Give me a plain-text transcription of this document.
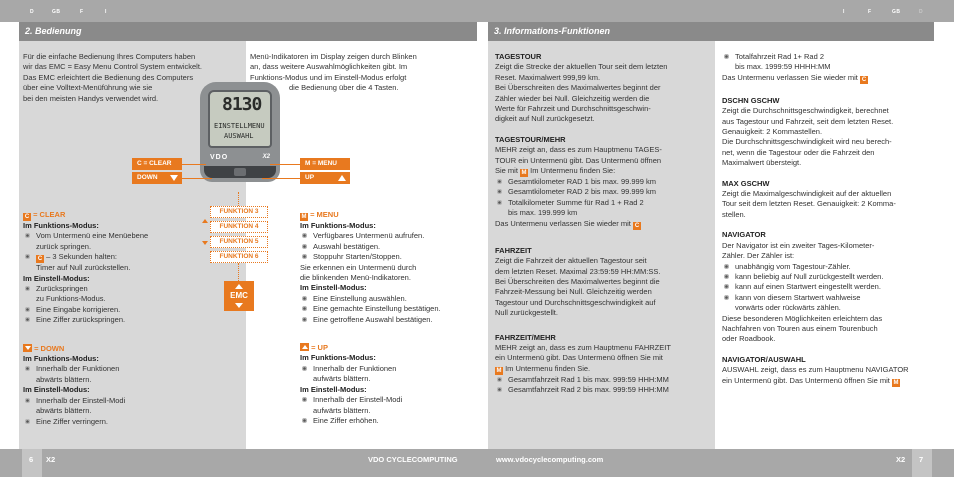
D	GB	F	I	I	F	GB	D
2. Bedienung	3. Informations-Funktionen

Für die einfache Bedienung Ihres Computers haben

wir das EMC = Easy Menu Control System entwickelt.

Das EMC erleichtert die Bedienung des Computers

über eine Volltext-Menüführung wie sie

bei den meisten Handys verwendet wird.

Menü-Indikatoren im Display zeigen durch Blinken

an, dass weitere Auswahlmöglichkeiten gibt. Im

Funktions-Modus und im Einstell-Modus erfolgt

die Bedienung über die 4 Tasten.

8130
EINSTELLMENU
AUSWAHL
VDO	X2
C = CLEAR
DOWN
M = MENU
UP
FUNKTION 3
FUNKTION 4
FUNKTION 5
FUNKTION 6
EMC

C = CLEAR

Im Funktions-Modus:

Vom Untermenü eine Menüebene

zurück springen.

C – 3 Sekunden halten:

Timer auf Null zurückstellen.

Im Einstell-Modus:

Zurückspringen

zu Funktions-Modus.

Eine Eingabe korrigieren.

Eine Ziffer zurückspringen.

= DOWN

Im Funktions-Modus:

Innerhalb der Funktionen

abwärts blättern.

Im Einstell-Modus:

Innerhalb der Einstell-Modi

abwärts blättern.

Eine Ziffer verringern.

M = MENU

Im Funktions-Modus:

Verfügbares Untermenü aufrufen.

Auswahl bestätigen.

Stoppuhr Starten/Stoppen.

Sie erkennen ein Untermenü durch

die blinkenden Menü-Indikatoren.

Im Einstell-Modus:

Eine Einstellung auswählen.

Eine gemachte Einstellung bestätigen.

Eine getroffene Auswahl bestätigen.

= UP

Im Funktions-Modus:

Innerhalb der Funktionen

aufwärts blättern.

Im Einstell-Modus:

Innerhalb der Einstell-Modi

aufwärts blättern.

Eine Ziffer erhöhen.

TAGESTOUR

Zeigt die Strecke der aktuellen Tour seit dem letzten

Reset. Maximalwert 999,99 km.

Bei Überschreiten des Maximalwertes beginnt der

Zähler wieder bei Null. Gleichzeitig werden die

Werte für Fahrzeit und Durchschnittsgeschwin-

digkeit auf Null zurückgesetzt.

TAGESTOUR/MEHR

MEHR zeigt an, dass es zum Hauptmenu TAGES-

TOUR ein Untermenü gibt. Das Untermenü öffnen

Sie mit M Im Untermenu finden Sie:

Gesamtkilometer RAD 1 bis max. 99.999 km

Gesamtkilometer RAD 2 bis max. 99.999 km

Totalkilometer Summe für Rad 1 + Rad 2

bis max. 199.999 km

Das Untermenu verlassen Sie wieder mit C

FAHRZEIT

Zeigt die Fahrzeit der aktuellen Tagestour seit

dem letzten Reset. Maximal 23:59:59 HH:MM:SS.

Bei Überschreiten des Maximalwertes beginnt die

Fahrzeit-Messung bei Null. Gleichzeitig werden

Tagestour und Durchschnittsgeschwindigkeit auf

Null zurückgestellt.

FAHRZEIT/MEHR

MEHR zeigt an, dass es zum Hauptmenu FAHRZEIT

ein Untermenü gibt. Das Untermenü öffnen Sie mit

M Im Untermenu finden Sie.

Gesamtfahrzeit Rad 1 bis max. 999:59 HHH:MM

Gesamtfahrzeit Rad 2 bis max. 999:59 HHH:MM

Totalfahrzeit Rad 1+ Rad 2

bis max. 1999:59 HHHH:MM

Das Untermenu verlassen Sie wieder mit C

DSCHN GSCHW

Zeigt die Durchschnittsgeschwindigkeit, berechnet

aus Tagestour und Fahrzeit, seit dem letzten Reset.

Genauigkeit: 2 Kommastellen.

Die Durchschnittsgeschwindigkeit wird neu berech-

net, wenn die Tagestour oder die Fahrzeit den

Maximalwert übersteigt.

MAX GSCHW

Zeigt die Maximalgeschwindigkeit auf der aktuellen

Tour seit dem letzten Reset. Genauigkeit: 2 Komma-

stellen.

NAVIGATOR

Der Navigator ist ein zweiter Tages-Kilometer-

Zähler. Der Zähler ist:

unabhängig vom Tagestour-Zähler.

kann beliebig auf Null zurückgestellt werden.

kann auf einen Startwert eingestellt werden.

kann von diesem Startwert wahlweise

vorwärts oder rückwärts zählen.

Diese besonderen Möglichkeiten erleichtern das

Nachfahren von Touren aus einem Tourenbuch

oder Roadbook.

NAVIGATOR/AUSWAHL

AUSWAHL zeigt, dass es zum Hauptmenu NAVIGATOR

ein Untermenü gibt. Das Untermenü öffnen Sie mit M

6 X2	VDO CYCLECOMPUTING	www.vdocyclecomputing.com	X2 7
